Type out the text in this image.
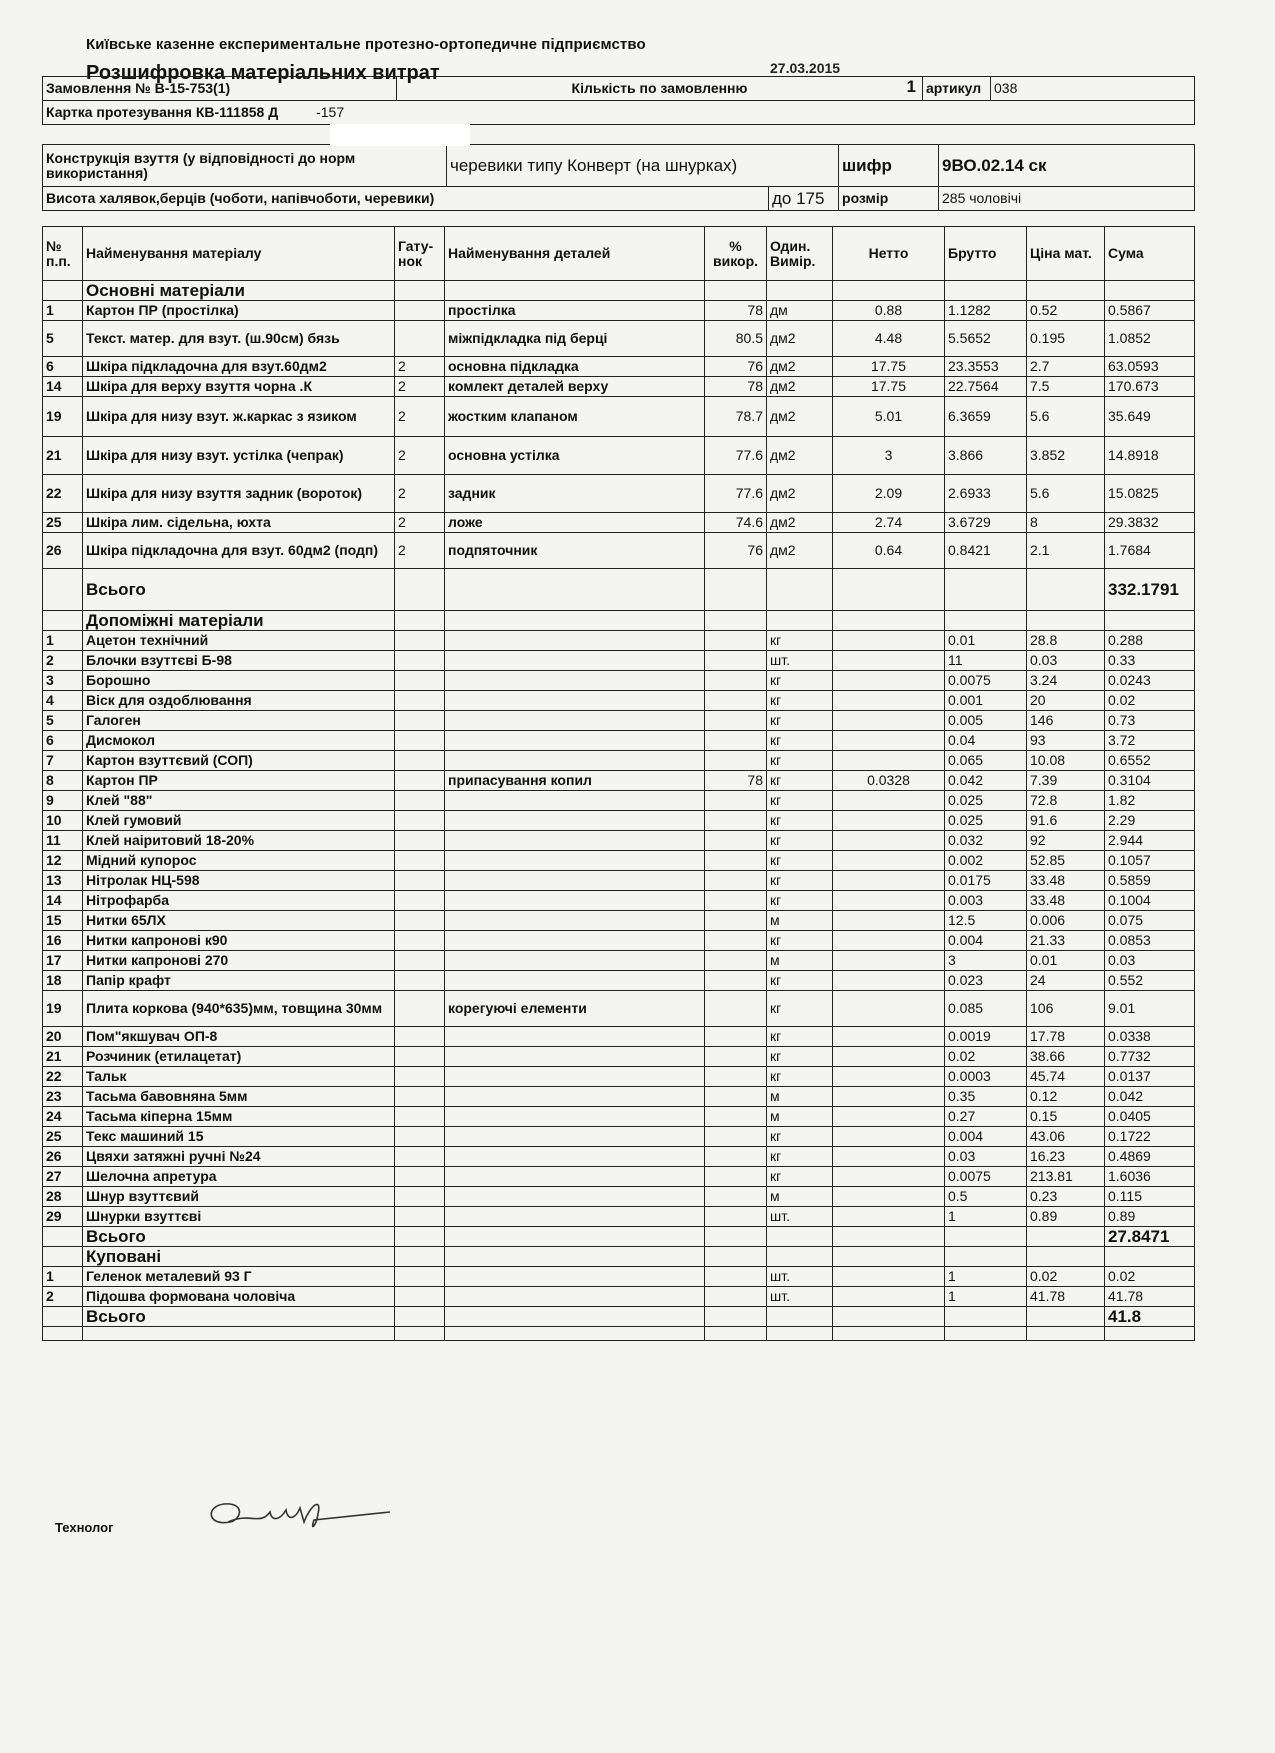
Київське казенне експериментальне протезно-ортопедичне підприємство
Розшифровка матеріальних витрат	27.03.2015
Замовлення № В-15-753(1)	Кількість по замовленню	1	артикул	038
Картка протезування КВ-111858 Д	-157
Конструкція взуття (у відповідності до норм використання)	черевики типу Конверт (на шнурках)		шифр	9ВО.02.14 ск
Висота халявок,берців (чоботи, напівчоботи, черевики)		до 175	розмір	285 чоловічі
№ п.п.	Найменування матеріалу	Гату-нок	Найменування деталей	% викор.	Один. Вимір.	Нетто	Брутто	Ціна мат.	Сума
	Основні матеріали								
1	Картон ПР (простілка)		простілка	78	дм	0.88	1.1282	0.52	0.5867
5	Текст. матер. для взут. (ш.90см) бязь		міжпідкладка під берці	80.5	дм2	4.48	5.5652	0.195	1.0852
6	Шкіра підкладочна для взут.60дм2	2	основна підкладка	76	дм2	17.75	23.3553	2.7	63.0593
14	Шкіра для верху взуття чорна .К	2	комлект деталей верху	78	дм2	17.75	22.7564	7.5	170.673
19	Шкіра для низу взут. ж.каркас з язиком	2	жостким клапаном	78.7	дм2	5.01	6.3659	5.6	35.649
21	Шкіра для низу взут. устілка (чепрак)	2	основна устілка	77.6	дм2	3	3.866	3.852	14.8918
22	Шкіра для низу взуття задник (вороток)	2	задник	77.6	дм2	2.09	2.6933	5.6	15.0825
25	Шкіра лим. сідельна, юхта	2	ложе	74.6	дм2	2.74	3.6729	8	29.3832
26	Шкіра підкладочна для взут. 60дм2 (подп)	2	подпяточник	76	дм2	0.64	0.8421	2.1	1.7684
	Всього								332.1791
	Допоміжні матеріали								
1	Ацетон технічний				кг		0.01	28.8	0.288
2	Блочки взуттєві Б-98				шт.		11	0.03	0.33
3	Борошно				кг		0.0075	3.24	0.0243
4	Віск для оздоблювання				кг		0.001	20	0.02
5	Галоген				кг		0.005	146	0.73
6	Дисмокол				кг		0.04	93	3.72
7	Картон взуттєвий (СОП)				кг		0.065	10.08	0.6552
8	Картон ПР		припасування копил	78	кг	0.0328	0.042	7.39	0.3104
9	Клей "88"				кг		0.025	72.8	1.82
10	Клей гумовий				кг		0.025	91.6	2.29
11	Клей наіритовий 18-20%				кг		0.032	92	2.944
12	Мідний купорос				кг		0.002	52.85	0.1057
13	Нітролак НЦ-598				кг		0.0175	33.48	0.5859
14	Нітрофарба				кг		0.003	33.48	0.1004
15	Нитки 65ЛХ				м		12.5	0.006	0.075
16	Нитки капронові к90				кг		0.004	21.33	0.0853
17	Нитки капронові 270				м		3	0.01	0.03
18	Папір крафт				кг		0.023	24	0.552
19	Плита коркова (940*635)мм, товщина 30мм		корегуючі елементи		кг		0.085	106	9.01
20	Пом"якшувач ОП-8				кг		0.0019	17.78	0.0338
21	Розчиник (етилацетат)				кг		0.02	38.66	0.7732
22	Тальк				кг		0.0003	45.74	0.0137
23	Тасьма бавовняна 5мм				м		0.35	0.12	0.042
24	Тасьма кіперна 15мм				м		0.27	0.15	0.0405
25	Текс машиний 15				кг		0.004	43.06	0.1722
26	Цвяхи затяжні ручні №24				кг		0.03	16.23	0.4869
27	Шелочна апретура				кг		0.0075	213.81	1.6036
28	Шнур взуттєвий				м		0.5	0.23	0.115
29	Шнурки взуттєві				шт.		1	0.89	0.89
	Всього								27.8471
	Куповані								
1	Геленок металевий 93 Г				шт.		1	0.02	0.02
2	Підошва формована чоловіча				шт.		1	41.78	41.78
	Всього								41.8

Технолог
